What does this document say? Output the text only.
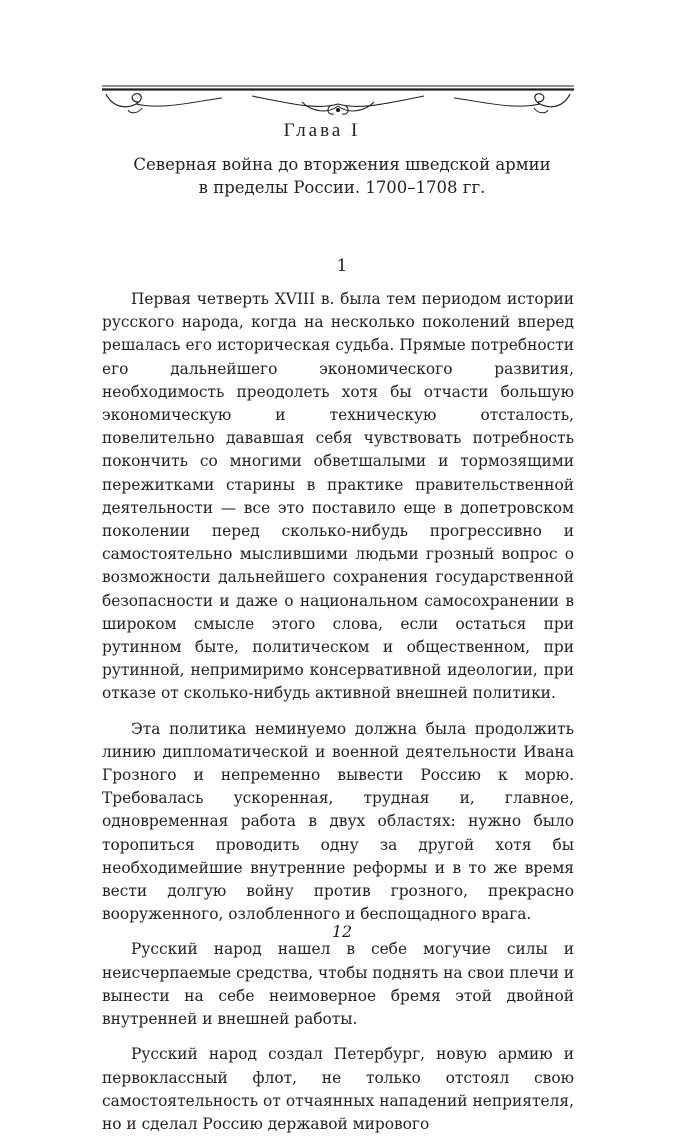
Глава I
Северная война до вторжения шведской армии
в пределы России. 1700–1708 гг.
1

Первая четверть XVIII в. была тем периодом истории русского народа, когда на несколько поколений вперед решалась его историческая судьба. Прямые потребности его дальнейшего экономического развития, необходимость преодолеть хотя бы отчасти большую экономическую и техническую отсталость, повелительно дававшая себя чувствовать потребность покончить со многими обветшалыми и тормозящими пережитками старины в практике правительственной деятельности — все это поставило еще в допетровском поколении перед сколько-нибудь прогрессивно и самостоятельно мыслившими людьми грозный вопрос о возможности дальнейшего сохранения государственной безопасности и даже о национальном самосохранении в широком смысле этого слова, если остаться при рутинном быте, политическом и общественном, при рутинной, непримиримо консервативной идеологии, при отказе от сколько-нибудь активной внешней политики.

Эта политика неминуемо должна была продолжить линию дипломатической и военной деятельности Ивана Грозного и непременно вывести Россию к морю. Требовалась ускоренная, трудная и, главное, одновременная работа в двух областях: нужно было торопиться проводить одну за другой хотя бы необходимейшие внутренние реформы и в то же время вести долгую войну против грозного, прекрасно вооруженного, озлобленного и беспощадного врага.

Русский народ нашел в себе могучие силы и неисчерпаемые средства, чтобы поднять на свои плечи и вынести на себе неимоверное бремя этой двойной внутренней и внешней работы.

Русский народ создал Петербург, новую армию и первоклассный флот, не только отстоял свою самостоятельность от отчаянных нападений неприятеля, но и сделал Россию державой мирового

12
